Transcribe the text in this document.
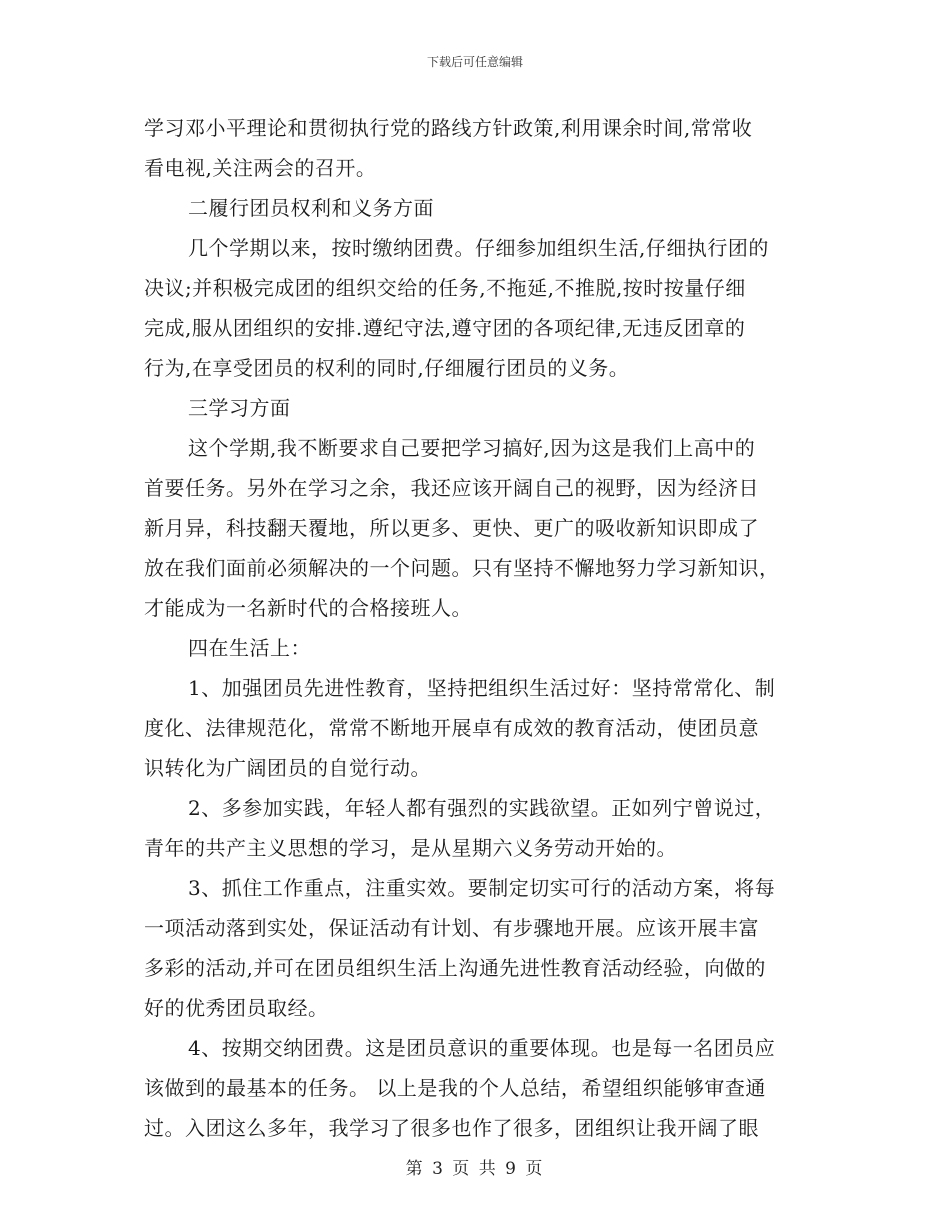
下载后可任意编辑
学习邓小平理论和贯彻执行党的路线方针政策,利用课余时间,常常收
看电视,关注两会的召开。
二履行团员权利和义务方面
几个学期以来，按时缴纳团费。仔细参加组织生活,仔细执行团的
决议;并积极完成团的组织交给的任务,不拖延,不推脱,按时按量仔细
完成,服从团组织的安排.遵纪守法,遵守团的各项纪律,无违反团章的
行为,在享受团员的权利的同时,仔细履行团员的义务。
三学习方面
这个学期,我不断要求自己要把学习搞好,因为这是我们上高中的
首要任务。另外在学习之余，我还应该开阔自己的视野，因为经济日
新月异，科技翻天覆地，所以更多、更快、更广的吸收新知识即成了
放在我们面前必须解决的一个问题。只有坚持不懈地努力学习新知识，
才能成为一名新时代的合格接班人。
四在生活上：
1、加强团员先进性教育，坚持把组织生活过好：坚持常常化、制
度化、法律规范化，常常不断地开展卓有成效的教育活动，使团员意
识转化为广阔团员的自觉行动。
2、多参加实践，年轻人都有强烈的实践欲望。正如列宁曾说过，
青年的共产主义思想的学习，是从星期六义务劳动开始的。
3、抓住工作重点，注重实效。要制定切实可行的活动方案，将每
一项活动落到实处，保证活动有计划、有步骤地开展。应该开展丰富
多彩的活动,并可在团员组织生活上沟通先进性教育活动经验，向做的
好的优秀团员取经。
4、按期交纳团费。这是团员意识的重要体现。也是每一名团员应
该做到的最基本的任务。 以上是我的个人总结，希望组织能够审查通
过。入团这么多年，我学习了很多也作了很多，团组织让我开阔了眼
第 3 页 共 9 页
